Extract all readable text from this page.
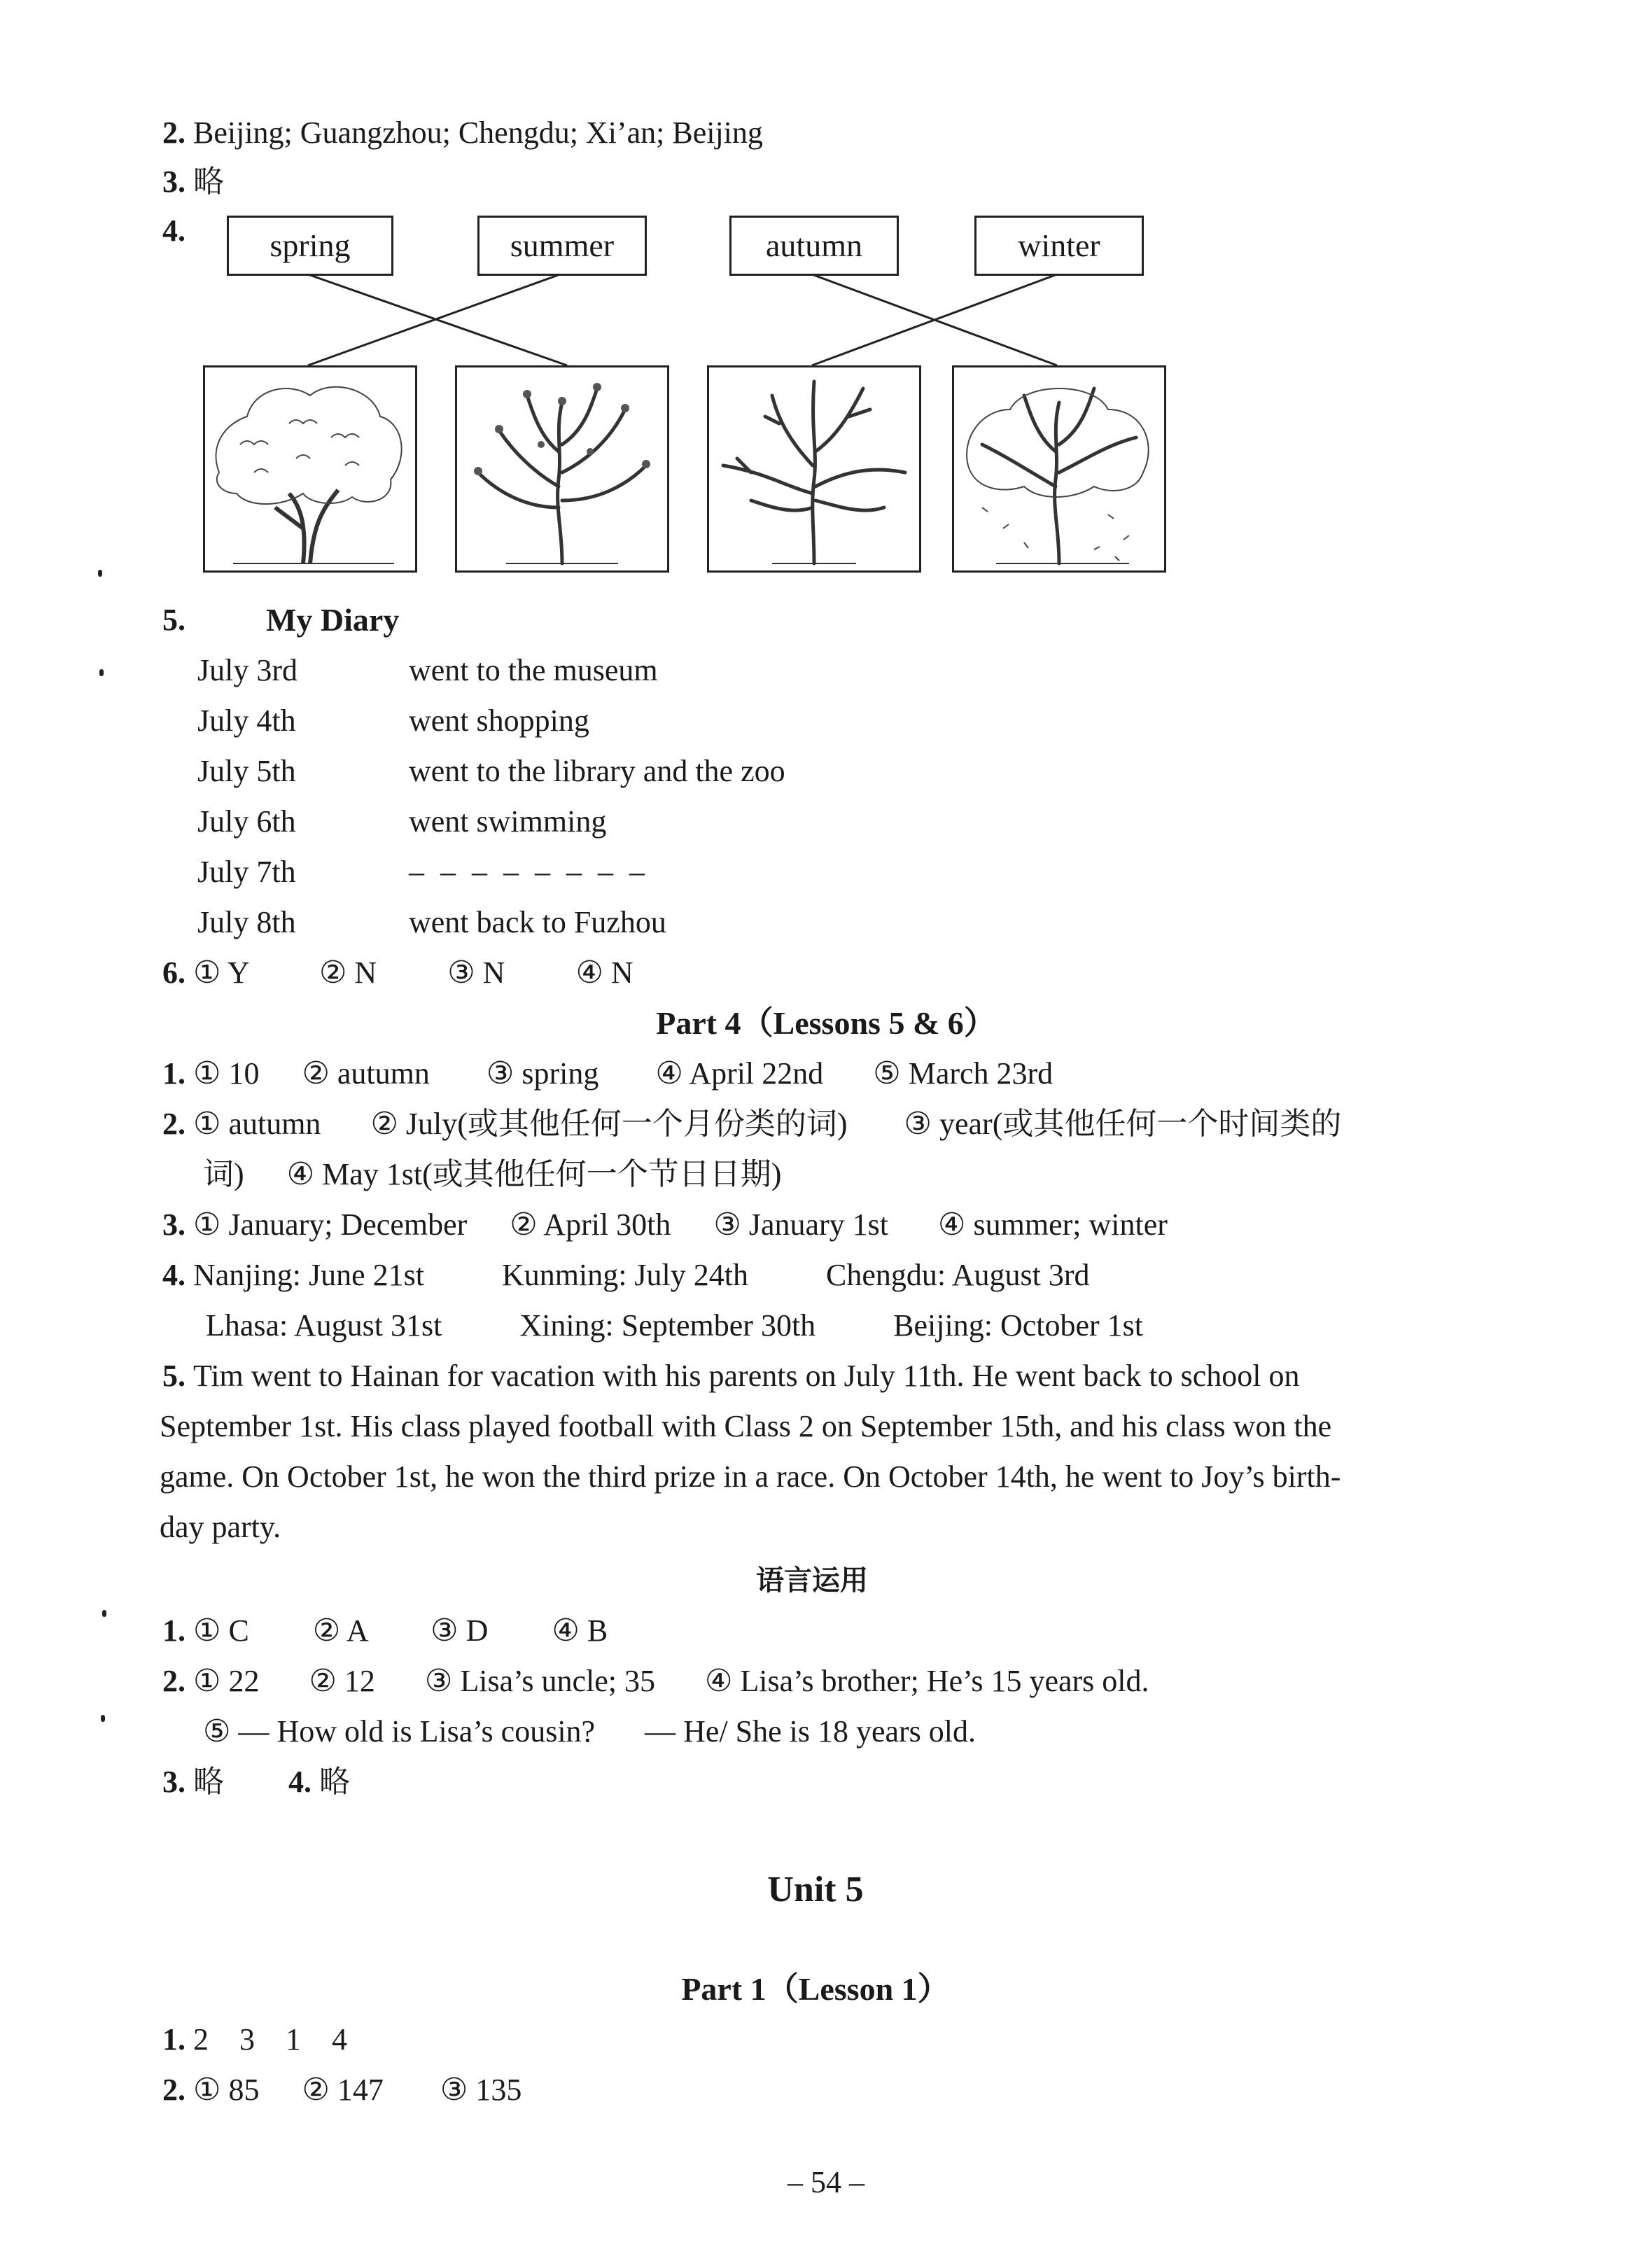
2. Beijing; Guangzhou; Chengdu; Xi’an; Beijing
3. 略
4.	spring	summer	autumn	winter
5.	My Diary
July 3rd	went to the museum
July 4th	went shopping
July 5th	went to the library and the zoo
July 6th	went swimming
July 7th	– – – – – – – –
July 8th	went back to Fuzhou
6. ① Y ② N ③ N ④ N
Part 4（Lessons 5 & 6）
1. ① 10 ② autumn ③ spring ④ April 22nd ⑤ March 23rd
2. ① autumn ② July(或其他任何一个月份类的词) ③ year(或其他任何一个时间类的
词) ④ May 1st(或其他任何一个节日日期)
3. ① January; December ② April 30th ③ January 1st ④ summer; winter
4. Nanjing: June 21st	Kunming: July 24th	Chengdu: August 3rd
Lhasa: August 31st	Xining: September 30th	Beijing: October 1st
5. Tim went to Hainan for vacation with his parents on July 11th. He went back to school on
September 1st. His class played football with Class 2 on September 15th, and his class won the
game. On October 1st, he won the third prize in a race. On October 14th, he went to Joy’s birth-
day party.
语言运用
1. ① C ② A ③ D ④ B
2. ① 22 ② 12 ③ Lisa’s uncle; 35 ④ Lisa’s brother; He’s 15 years old.
⑤ — How old is Lisa’s cousin? — He/ She is 18 years old.
3. 略 4. 略
Unit 5
Part 1（Lesson 1）
1. 2　3　1　4
2. ① 85 ② 147 ③ 135
– 54 –
